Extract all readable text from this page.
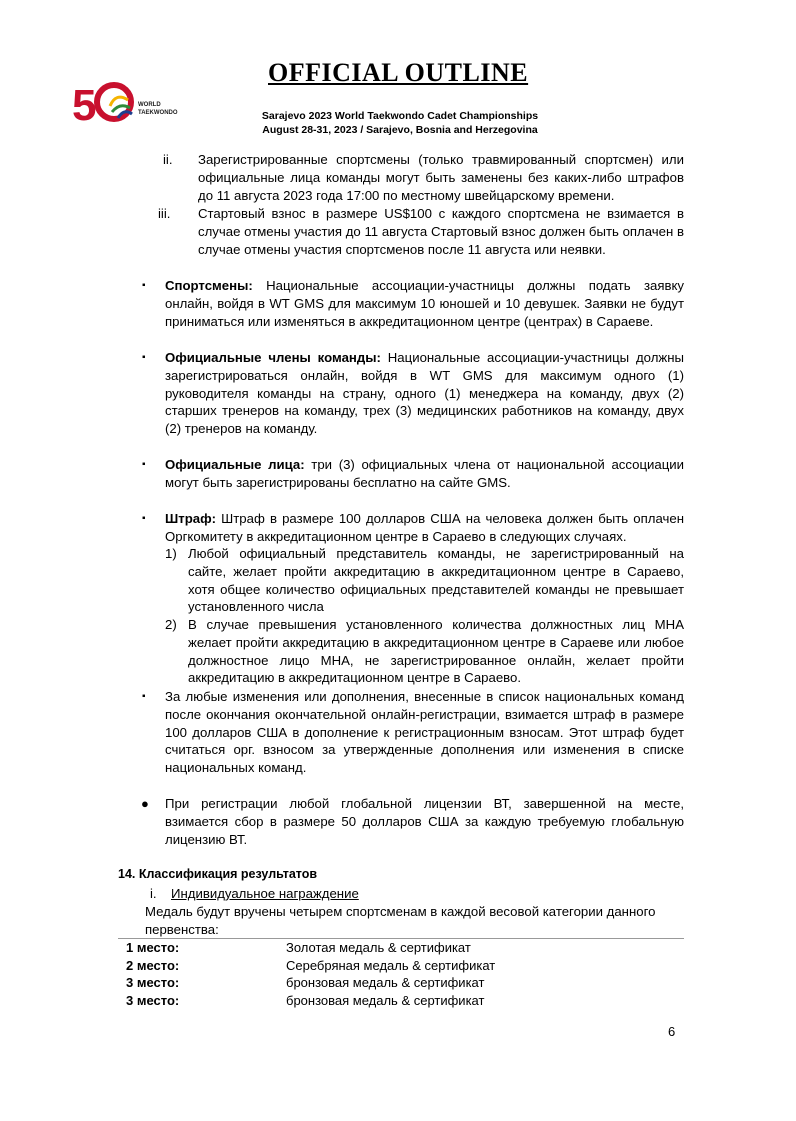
5	WORLD
TAEKWONDO
OFFICIAL OUTLINE
Sarajevo 2023 World Taekwondo Cadet Championships
August 28-31, 2023 / Sarajevo, Bosnia and Herzegovina
ii. Зарегистрированные спортсмены (только травмированный спортсмен) или официальные лица команды могут быть заменены без каких-либо штрафов до 11 августа 2023 года 17:00 по местному швейцарскому времени.
iii. Стартовый взнос в размере US$100 с каждого спортсмена не взимается в случае отмены участия до 11 августа Стартовый взнос должен быть оплачен в случае отмены участия спортсменов после 11 августа или неявки.
▪ Спортсмены: Национальные ассоциации-участницы должны подать заявку онлайн, войдя в WT GMS для максимум 10 юношей и 10 девушек. Заявки не будут приниматься или изменяться в аккредитационном центре (центрах) в Сараеве.
▪ Официальные члены команды: Национальные ассоциации-участницы должны зарегистрироваться онлайн, войдя в WT GMS для максимум одного (1) руководителя команды на страну, одного (1) менеджера на команду, двух (2) старших тренеров на команду, трех (3) медицинских работников на команду, двух (2) тренеров на команду.
▪ Официальные лица: три (3) официальных члена от национальной ассоциации могут быть зарегистрированы бесплатно на сайте GMS.
▪ Штраф: Штраф в размере 100 долларов США на человека должен быть оплачен Оргкомитету в аккредитационном центре в Сараево в следующих случаях.
1) Любой официальный представитель команды, не зарегистрированный на сайте, желает пройти аккредитацию в аккредитационном центре в Сараево, хотя общее количество официальных представителей команды не превышает установленного числа
2) В случае превышения установленного количества должностных лиц МНА желает пройти аккредитацию в аккредитационном центре в Сараеве или любое должностное лицо МНА, не зарегистрированное онлайн, желает пройти аккредитацию в аккредитационном центре в Сараево.
▪ За любые изменения или дополнения, внесенные в список национальных команд после окончания окончательной онлайн-регистрации, взимается штраф в размере 100 долларов США в дополнение к регистрационным взносам. Этот штраф будет считаться орг. взносом за утвержденные дополнения или изменения в списке национальных команд.
● При регистрации любой глобальной лицензии ВТ, завершенной на месте, взимается сбор в размере 50 долларов США за каждую требуемую глобальную лицензию ВТ.
14. Классификация результатов
i. Индивидуальное награждение
Медаль будут вручены четырем спортсменам в каждой весовой категории данного первенства:
1 место:	Золотая медаль & сертификат
2 место:	Серебряная медаль & сертификат
3 место:	бронзовая медаль & сертификат
3 место:	бронзовая медаль & сертификат
6
